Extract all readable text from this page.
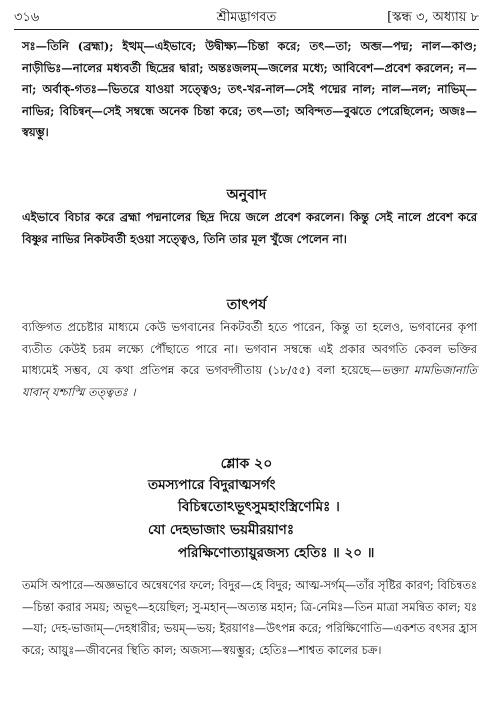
৩১৬	শ্রীমদ্ভাগবত	[স্কন্ধ ৩, অধ্যায় ৮
সঃ—তিনি (ব্রহ্মা); ইত্থম্—এইভাবে; উদ্বীক্ষ্য—চিন্তা করে; তৎ—তা; অব্জ—পদ্ম; নাল—কাণ্ড; নাড়ীভিঃ—নালের মধ্যবর্তী ছিদ্রের দ্বারা; অন্তঃজলম্—জলের মধ্যে; আবিবেশ—প্রবেশ করলেন; ন—না; অর্বাক্‌-গতঃ—ভিতরে যাওয়া সত্ত্বেও; তৎ-খর-নাল—সেই পদ্মের নাল; নাল—নল; নাভিম্—নাভির; বিচিন্বন্—সেই সম্বন্ধে অনেক চিন্তা করে; তৎ—তা; অবিন্দত—বুঝতে পেরেছিলেন; অজঃ—স্বয়ম্ভু।
অনুবাদ
এইভাবে বিচার করে ব্রহ্মা পদ্মনালের ছিদ্র দিয়ে জলে প্রবেশ করলেন। কিন্তু সেই নালে প্রবেশ করে বিষ্ণুর নাভির নিকটবর্তী হওয়া সত্ত্বেও, তিনি তার মূল খুঁজে পেলেন না।
তাৎপর্য
ব্যক্তিগত প্রচেষ্টার মাধ্যমে কেউ ভগবানের নিকটবর্তী হতে পারেন, কিন্তু তা হলেও, ভগবানের কৃপা ব্যতীত কেউই চরম লক্ষ্যে পৌঁছাতে পারে না। ভগবান সম্বন্ধে এই প্রকার অবগতি কেবল ভক্তির মাধ্যমেই সম্ভব, যে কথা প্রতিপন্ন করে ভগবদ্গীতায় (১৮/৫৫) বলা হয়েছে—ভক্ত্যা মামভিজানাতি যাবান্ যশ্চাস্মি তত্ত্বতঃ ।
শ্লোক ২০
তমস্যপারে বিদুরাত্মসর্গং
বিচিন্বতোঽভূৎসুমহাংস্ত্রিণেমিঃ ।
যো দেহভাজাং ভয়মীরয়াণঃ
পরিক্ষিণোত্যায়ুরজস্য হেতিঃ ॥ ২০ ॥
তমসি অপারে—অজ্ঞভাবে অন্বেষণের ফলে; বিদুর—হে বিদুর; আত্ম-সর্গম্—তাঁর সৃষ্টির কারণ; বিচিন্বতঃ—চিন্তা করার সময়; অভূৎ—হয়েছিল; সু-মহান্—অত্যন্ত মহান; ত্রি-নেমিঃ—তিন মাত্রা সমন্বিত কাল; যঃ—যা; দেহ-ভাজাম্—দেহধারীর; ভয়ম্—ভয়; ইরয়াণঃ—উৎপন্ন করে; পরিক্ষিণোতি—একশত বৎসর হ্রাস করে; আয়ুঃ—জীবনের স্থিতি কাল; অজস্য—স্বয়ম্ভুর; হেতিঃ—শাশ্বত কালের চক্র।
